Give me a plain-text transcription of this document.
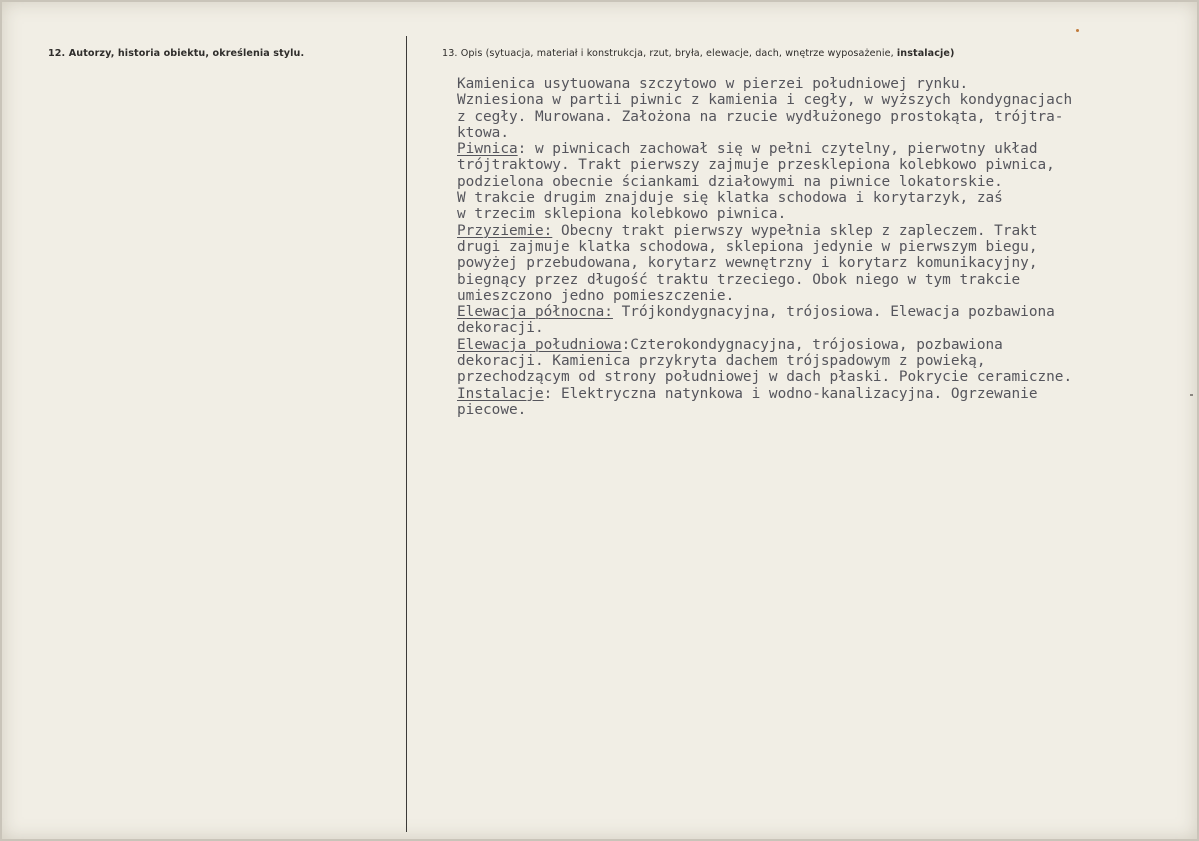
12. Autorzy, historia obiektu, określenia stylu.	13. Opis (sytuacja, materiał i konstrukcja, rzut, bryła, elewacje, dach, wnętrze wyposażenie, instalacje)
Kamienica usytuowana szczytowo w pierzei południowej rynku.
Wzniesiona w partii piwnic z kamienia i cegły, w wyższych kondygnacjach
z cegły. Murowana. Założona na rzucie wydłużonego prostokąta, trójtra-
ktowa.
Piwnica: w piwnicach zachował się w pełni czytelny, pierwotny układ
trójtraktowy. Trakt pierwszy zajmuje przesklepiona kolebkowo piwnica,
podzielona obecnie ściankami działowymi na piwnice lokatorskie.
W trakcie drugim znajduje się klatka schodowa i korytarzyk, zaś
w trzecim sklepiona kolebkowo piwnica.
Przyziemie: Obecny trakt pierwszy wypełnia sklep z zapleczem. Trakt
drugi zajmuje klatka schodowa, sklepiona jedynie w pierwszym biegu,
powyżej przebudowana, korytarz wewnętrzny i korytarz komunikacyjny,
biegnący przez długość traktu trzeciego. Obok niego w tym trakcie
umieszczono jedno pomieszczenie.
Elewacja północna: Trójkondygnacyjna, trójosiowa. Elewacja pozbawiona
dekoracji.
Elewacja południowa:Czterokondygnacyjna, trójosiowa, pozbawiona
dekoracji. Kamienica przykryta dachem trójspadowym z powieką,
przechodzącym od strony południowej w dach płaski. Pokrycie ceramiczne.
Instalacje: Elektryczna natynkowa i wodno-kanalizacyjna. Ogrzewanie
piecowe.
